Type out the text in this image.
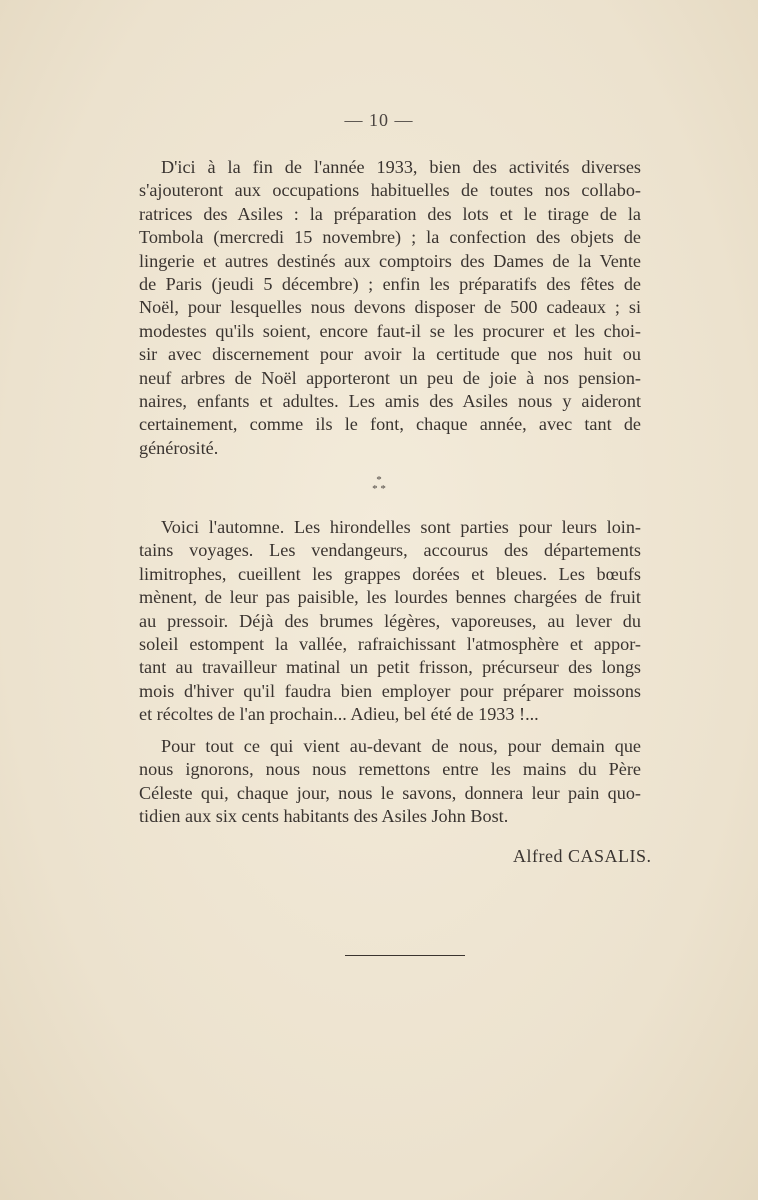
— 10 —
D'ici à la fin de l'année 1933, bien des activités diverses
s'ajouteront aux occupations habituelles de toutes nos collabo-
ratrices des Asiles : la préparation des lots et le tirage de la
Tombola (mercredi 15 novembre) ; la confection des objets de
lingerie et autres destinés aux comptoirs des Dames de la Vente
de Paris (jeudi 5 décembre) ; enfin les préparatifs des fêtes de
Noël, pour lesquelles nous devons disposer de 500 cadeaux ; si
modestes qu'ils soient, encore faut-il se les procurer et les choi-
sir avec discernement pour avoir la certitude que nos huit ou
neuf arbres de Noël apporteront un peu de joie à nos pension-
naires, enfants et adultes. Les amis des Asiles nous y aideront
certainement, comme ils le font, chaque année, avec tant de
générosité.
*
* *
Voici l'automne. Les hirondelles sont parties pour leurs loin-
tains voyages. Les vendangeurs, accourus des départements
limitrophes, cueillent les grappes dorées et bleues. Les bœufs
mènent, de leur pas paisible, les lourdes bennes chargées de fruit
au pressoir. Déjà des brumes légères, vaporeuses, au lever du
soleil estompent la vallée, rafraichissant l'atmosphère et appor-
tant au travailleur matinal un petit frisson, précurseur des longs
mois d'hiver qu'il faudra bien employer pour préparer moissons
et récoltes de l'an prochain... Adieu, bel été de 1933 !...
Pour tout ce qui vient au-devant de nous, pour demain que
nous ignorons, nous nous remettons entre les mains du Père
Céleste qui, chaque jour, nous le savons, donnera leur pain quo-
tidien aux six cents habitants des Asiles John Bost.
Alfred CASALIS.
